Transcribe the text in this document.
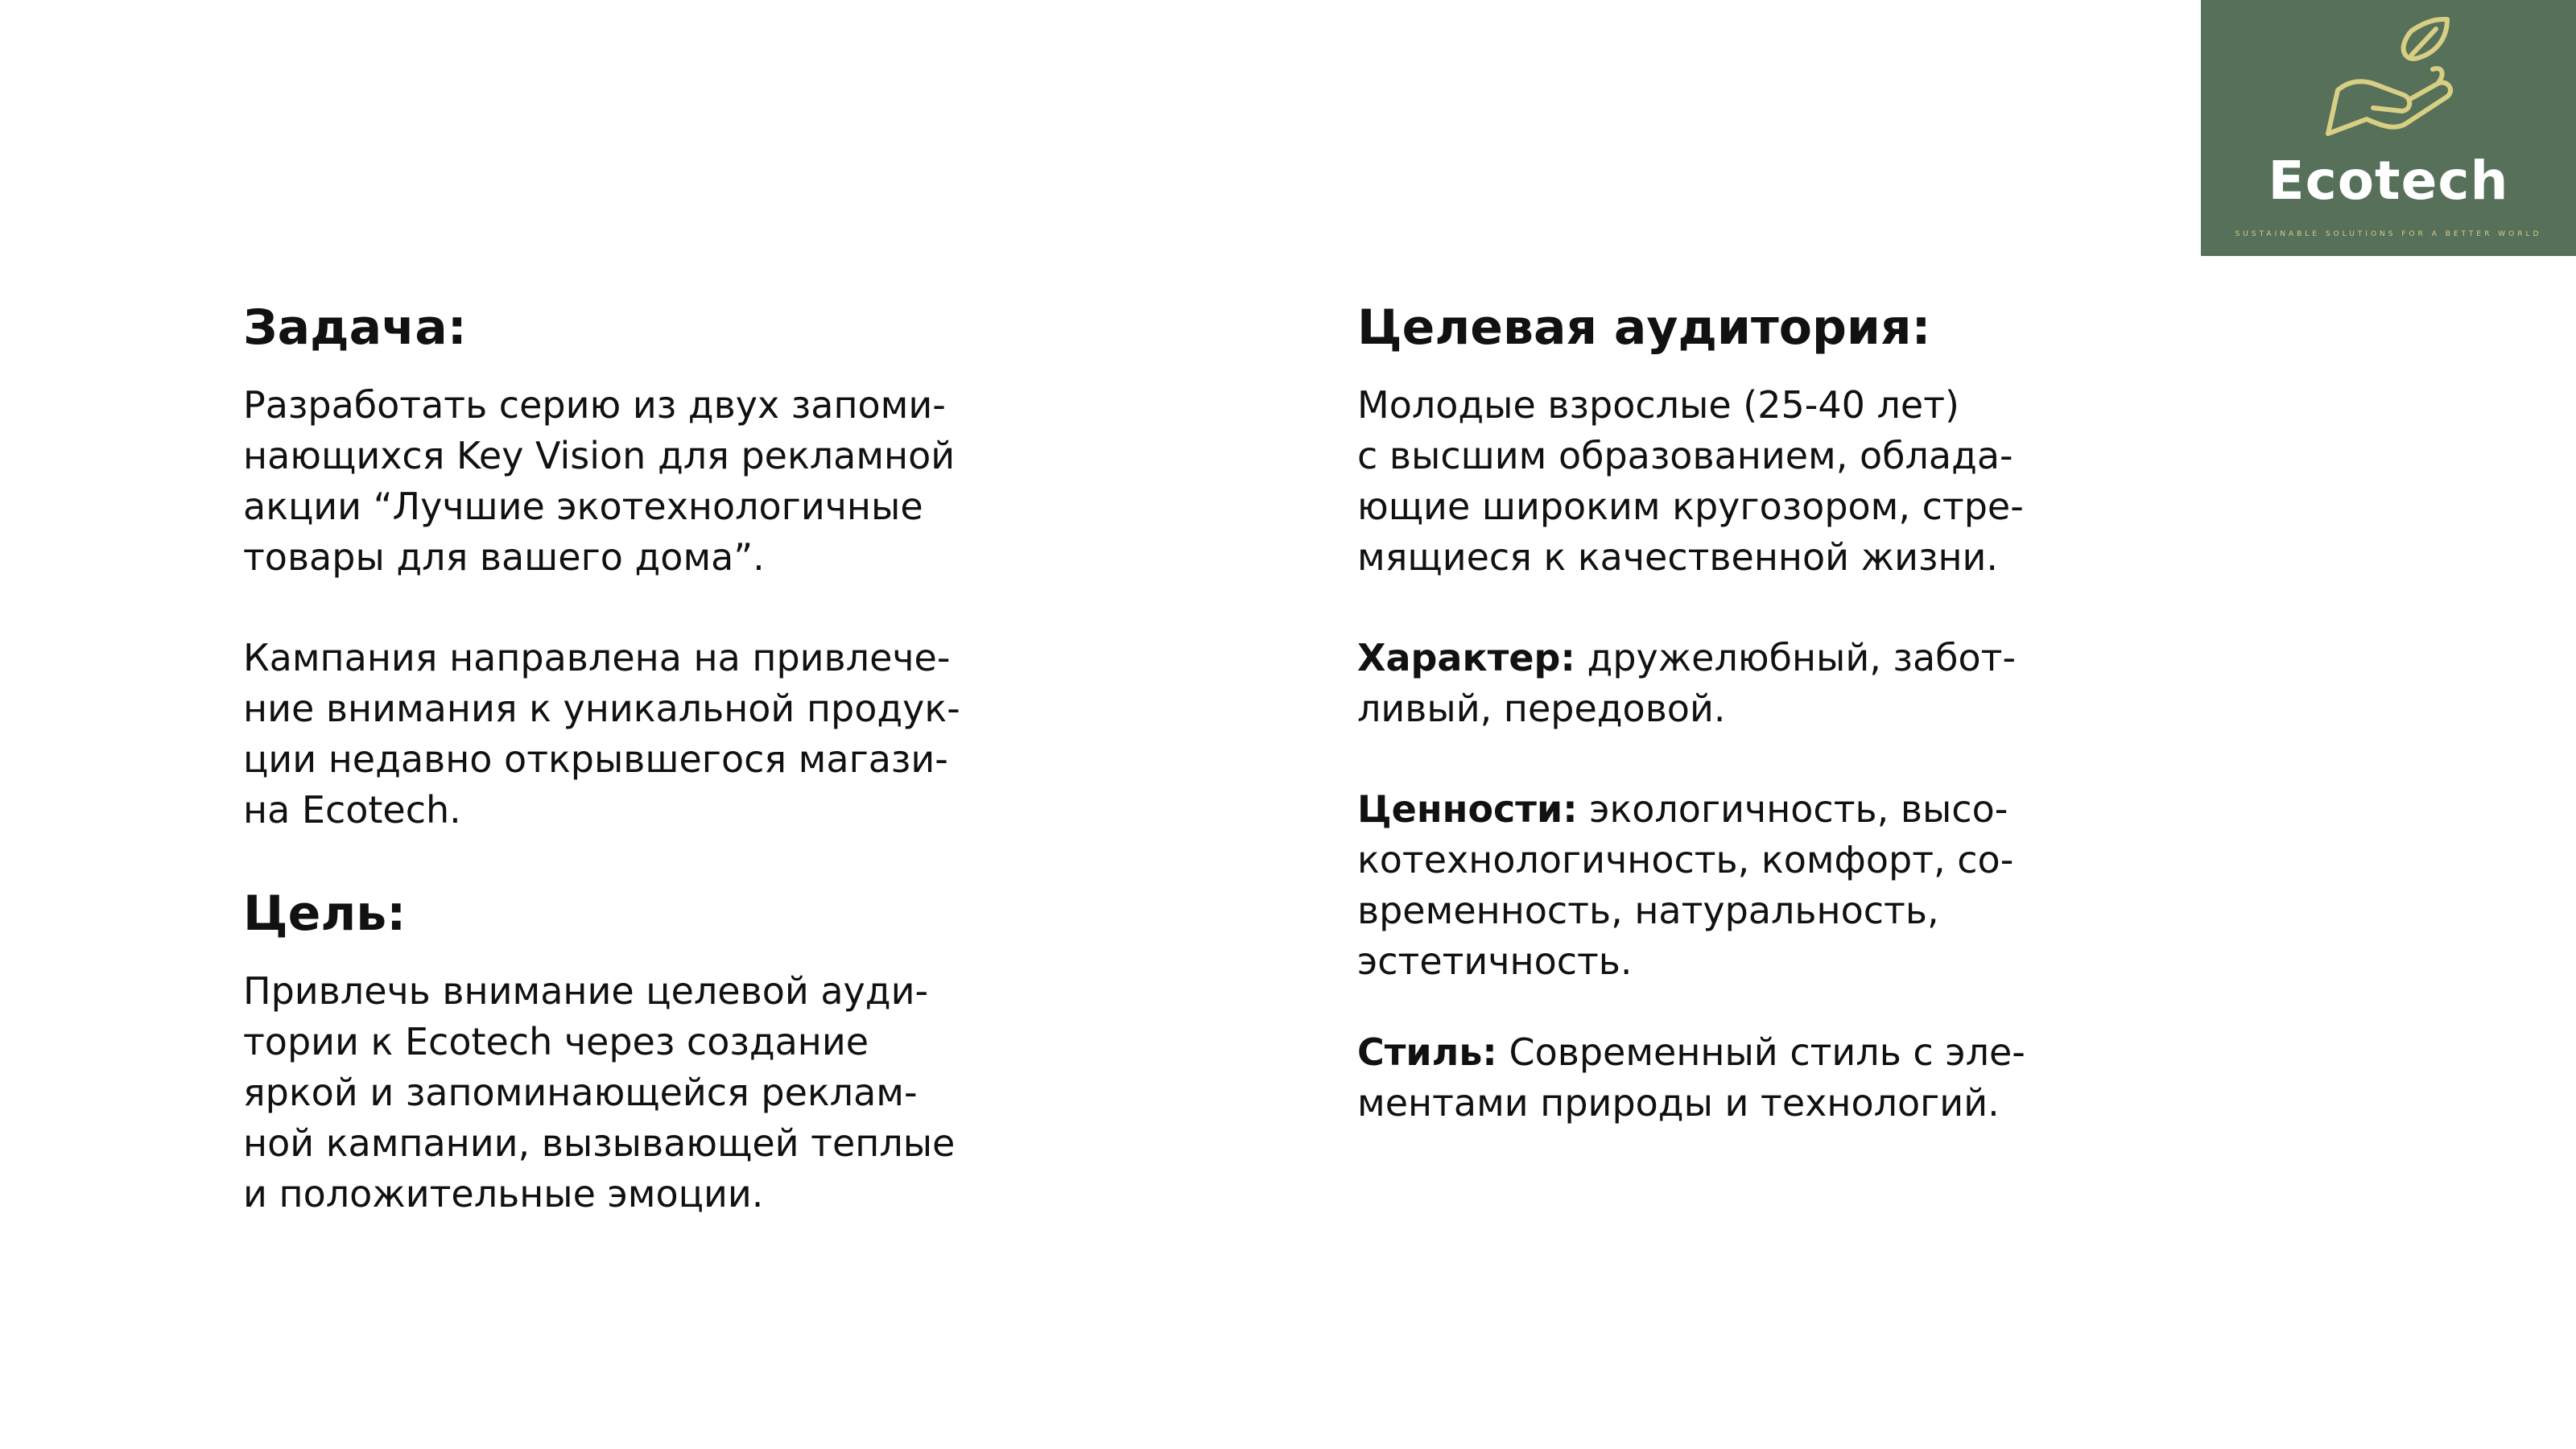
Ecotech
SUSTAINABLE SOLUTIONS FOR A BETTER WORLD
Задача:

Разработать серию из двух запоми-
нающихся Key Vision для рекламной
акции “Лучшие экотехнологичные
товары для вашего дома”.

Кампания направлена на привлече-
ние внимания к уникальной продук-
ции недавно открывшегося магази-
на Ecotech.

Цель:

Привлечь внимание целевой ауди-
тории к Ecotech через создание
яркой и запоминающейся реклам-
ной кампании, вызывающей теплые
и положительные эмоции.

Целевая аудитория:

Молодые взрослые (25-40 лет)
с высшим образованием, облада-
ющие широким кругозором, стре-
мящиеся к качественной жизни.

Характер: дружелюбный, забот-
ливый, передовой.

Ценности: экологичность, высо-
котехнологичность, комфорт, со-
временность, натуральность,
эстетичность.

Стиль: Современный стиль с эле-
ментами природы и технологий.
